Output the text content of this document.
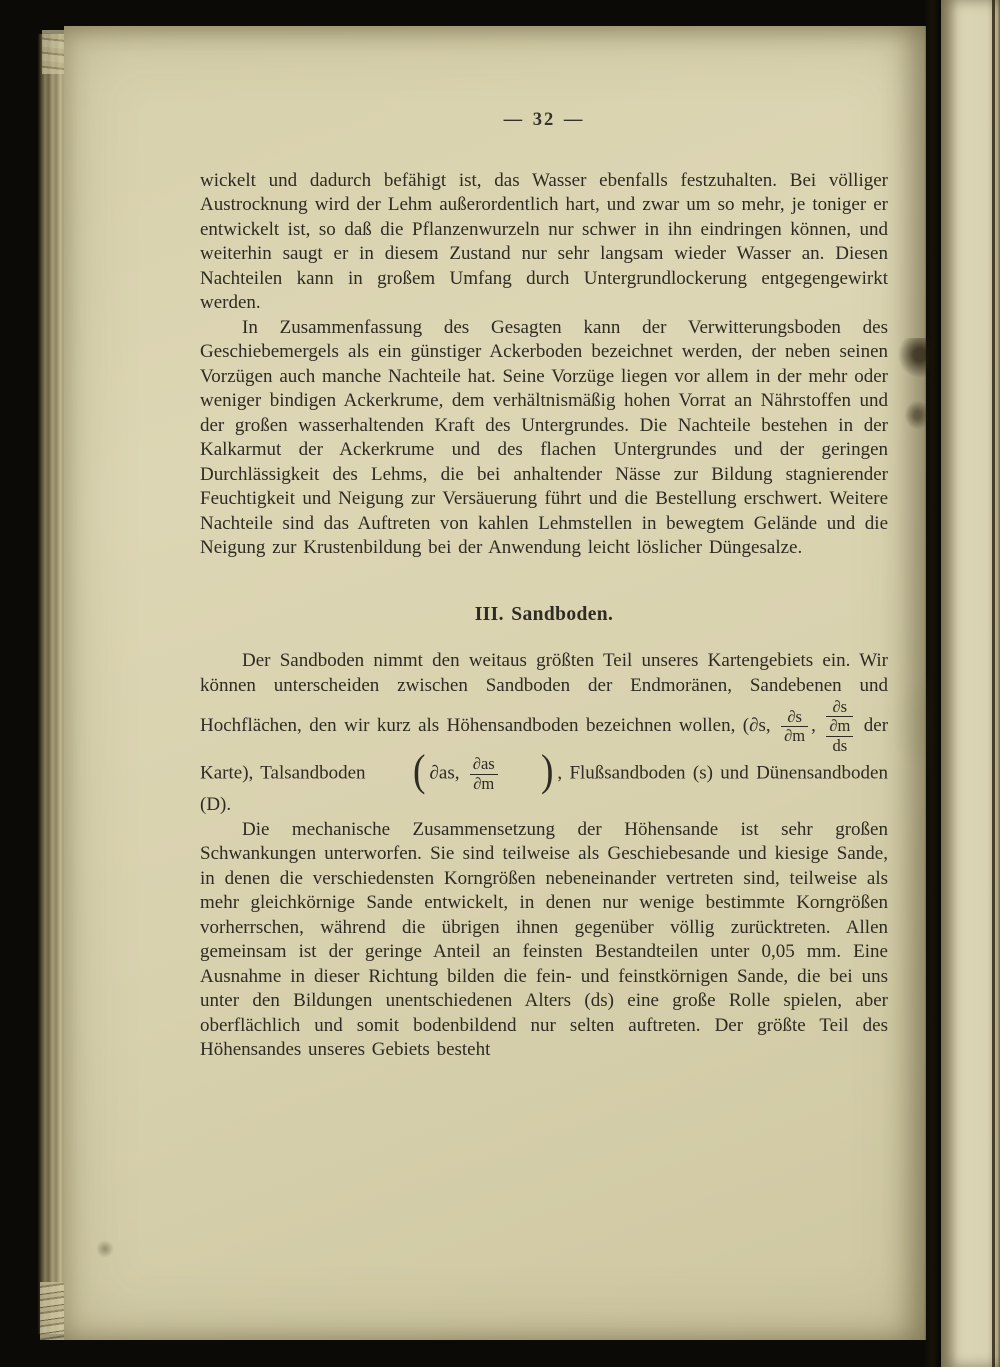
— 32 —

wickelt und dadurch befähigt ist, das Wasser ebenfalls festzuhalten. Bei völliger Austrocknung wird der Lehm außerordentlich hart, und zwar um so mehr, je toniger er entwickelt ist, so daß die Pflanzenwurzeln nur schwer in ihn eindringen können, und weiterhin saugt er in diesem Zustand nur sehr langsam wieder Wasser an. Diesen Nachteilen kann in großem Umfang durch Untergrundlockerung entgegengewirkt werden.

In Zusammenfassung des Gesagten kann der Verwitterungsboden des Geschiebemergels als ein günstiger Ackerboden bezeichnet werden, der neben seinen Vorzügen auch manche Nachteile hat. Seine Vorzüge liegen vor allem in der mehr oder weniger bindigen Ackerkrume, dem verhältnismäßig hohen Vorrat an Nährstoffen und der großen wasserhaltenden Kraft des Untergrundes. Die Nachteile bestehen in der Kalkarmut der Ackerkrume und des flachen Untergrundes und der geringen Durchlässigkeit des Lehms, die bei anhaltender Nässe zur Bildung stagnierender Feuchtigkeit und Neigung zur Versäuerung führt und die Bestellung erschwert. Weitere Nachteile sind das Auftreten von kahlen Lehmstellen in bewegtem Gelände und die Neigung zur Krustenbildung bei der Anwendung leicht löslicher Düngesalze.

III. Sandboden.

Der Sandboden nimmt den weitaus größten Teil unseres Kartengebiets ein. Wir können unterscheiden zwischen Sandboden der Endmoränen, Sandebenen und Hochflächen, den wir kurz als Höhensandboden bezeichnen wollen, (∂s, $\frac{\partial s}{\partial m}$ ,
∂s
∂m
ds
der Karte), Talsandboden ( ∂as, $\frac{\partial as}{\partial m}$ ) , Flußsandboden (s) und Dünensandboden (D).

Die mechanische Zusammensetzung der Höhensande ist sehr großen Schwankungen unterworfen. Sie sind teilweise als Geschiebesande und kiesige Sande, in denen die verschiedensten Korngrößen nebeneinander vertreten sind, teilweise als mehr gleichkörnige Sande entwickelt, in denen nur wenige bestimmte Korngrößen vorherrschen, während die übrigen ihnen gegenüber völlig zurücktreten. Allen gemeinsam ist der geringe Anteil an feinsten Bestandteilen unter 0,05 mm. Eine Ausnahme in dieser Richtung bilden die fein- und feinstkörnigen Sande, die bei uns unter den Bildungen unentschiedenen Alters (ds) eine große Rolle spielen, aber oberflächlich und somit bodenbildend nur selten auftreten. Der größte Teil des Höhensandes unseres Gebiets besteht
